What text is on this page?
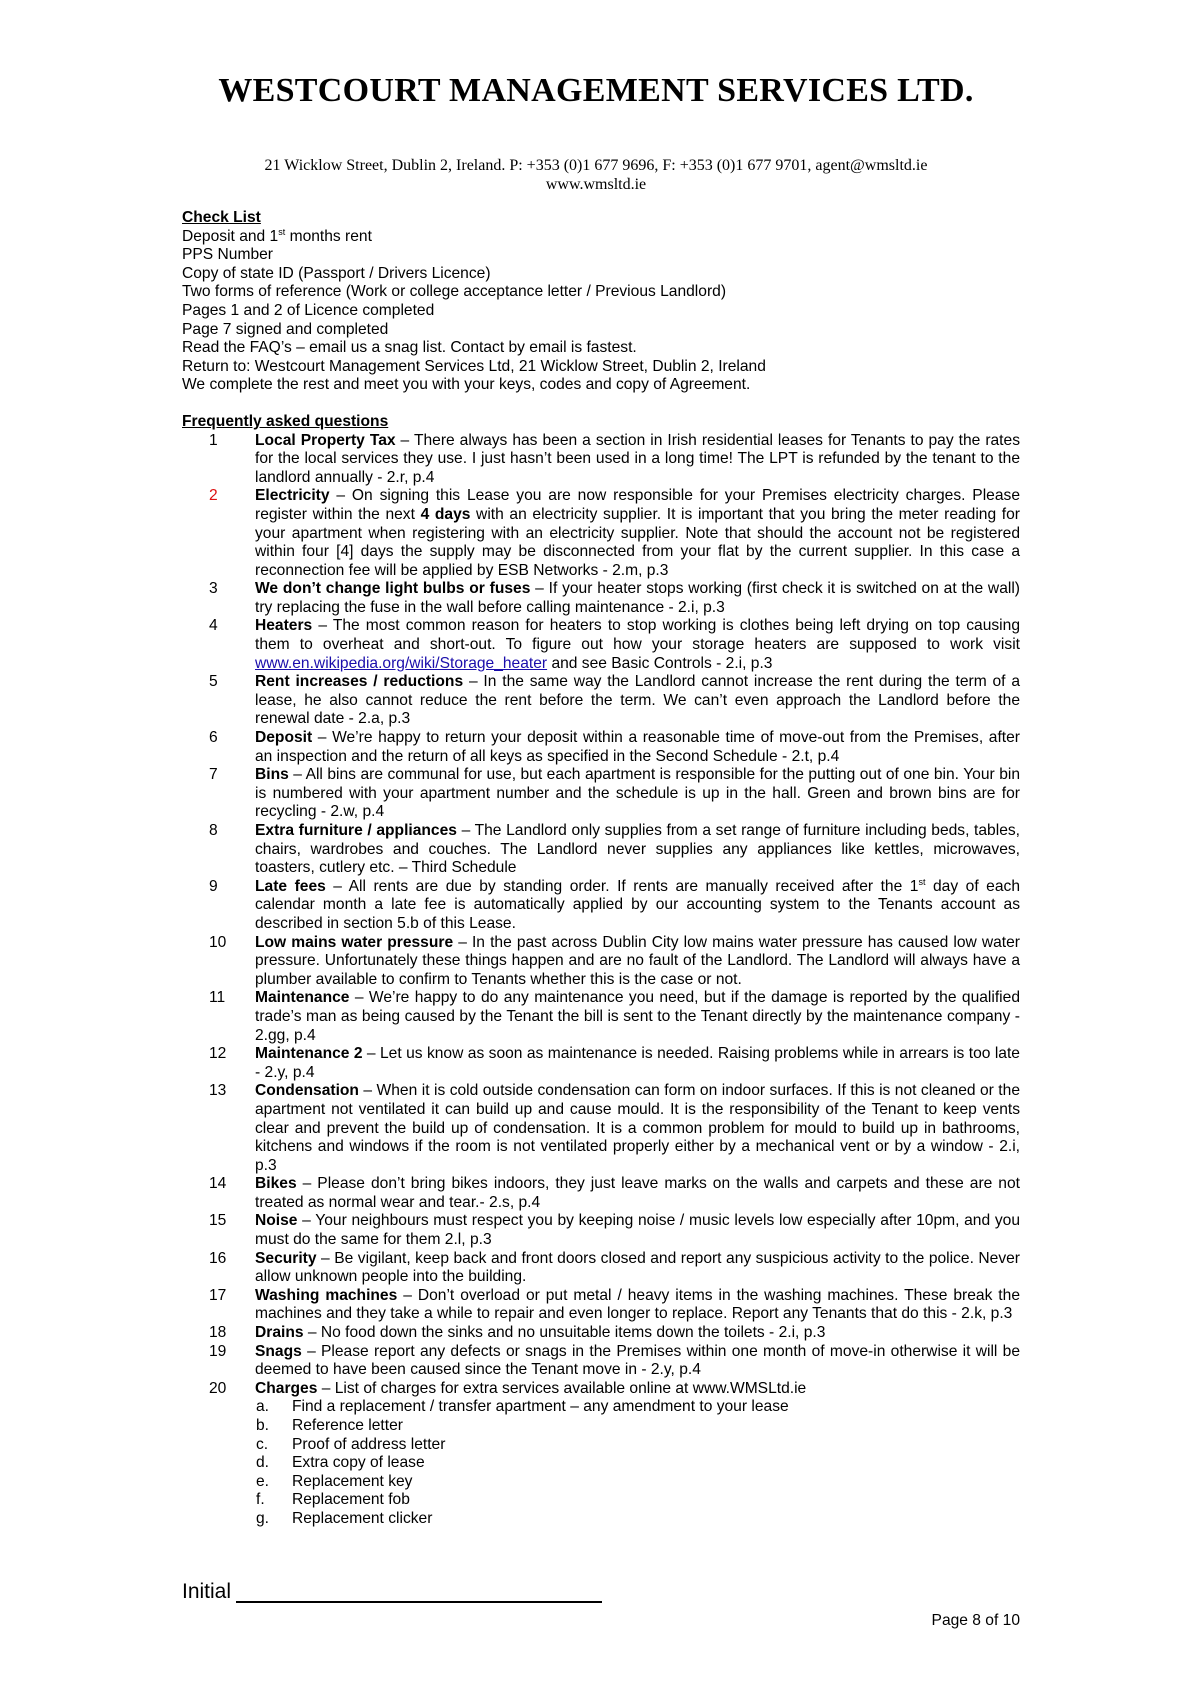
WESTCOURT MANAGEMENT SERVICES LTD.
21 Wicklow Street, Dublin 2, Ireland. P: +353 (0)1 677 9696, F: +353 (0)1 677 9701, agent@wmsltd.ie
www.wmsltd.ie
Check List
Deposit and 1st months rent
PPS Number
Copy of state ID (Passport / Drivers Licence)
Two forms of reference (Work or college acceptance letter / Previous Landlord)
Pages 1 and 2 of Licence completed
Page 7 signed and completed
Read the FAQ’s – email us a snag list. Contact by email is fastest.
Return to: Westcourt Management Services Ltd, 21 Wicklow Street, Dublin 2, Ireland
We complete the rest and meet you with your keys, codes and copy of Agreement.
Frequently asked questions
1	Local Property Tax – There always has been a section in Irish residential leases for Tenants to pay the rates for the local services they use. I just hasn’t been used in a long time! The LPT is refunded by the tenant to the landlord annually - 2.r, p.4
2	Electricity – On signing this Lease you are now responsible for your Premises electricity charges. Please register within the next 4 days with an electricity supplier. It is important that you bring the meter reading for your apartment when registering with an electricity supplier. Note that should the account not be registered within four [4] days the supply may be disconnected from your flat by the current supplier. In this case a reconnection fee will be applied by ESB Networks - 2.m, p.3
3	We don’t change light bulbs or fuses – If your heater stops working (first check it is switched on at the wall) try replacing the fuse in the wall before calling maintenance - 2.i, p.3
4	Heaters – The most common reason for heaters to stop working is clothes being left drying on top causing them to overheat and short-out. To figure out how your storage heaters are supposed to work visit www.en.wikipedia.org/wiki/Storage_heater and see Basic Controls - 2.i, p.3
5	Rent increases / reductions – In the same way the Landlord cannot increase the rent during the term of a lease, he also cannot reduce the rent before the term. We can’t even approach the Landlord before the renewal date - 2.a, p.3
6	Deposit – We’re happy to return your deposit within a reasonable time of move-out from the Premises, after an inspection and the return of all keys as specified in the Second Schedule - 2.t, p.4
7	Bins – All bins are communal for use, but each apartment is responsible for the putting out of one bin. Your bin is numbered with your apartment number and the schedule is up in the hall. Green and brown bins are for recycling - 2.w, p.4
8	Extra furniture / appliances – The Landlord only supplies from a set range of furniture including beds, tables, chairs, wardrobes and couches. The Landlord never supplies any appliances like kettles, microwaves, toasters, cutlery etc. – Third Schedule
9	Late fees – All rents are due by standing order. If rents are manually received after the 1st day of each calendar month a late fee is automatically applied by our accounting system to the Tenants account as described in section 5.b of this Lease.
10	Low mains water pressure – In the past across Dublin City low mains water pressure has caused low water pressure. Unfortunately these things happen and are no fault of the Landlord. The Landlord will always have a plumber available to confirm to Tenants whether this is the case or not.
11	Maintenance – We’re happy to do any maintenance you need, but if the damage is reported by the qualified trade’s man as being caused by the Tenant the bill is sent to the Tenant directly by the maintenance company - 2.gg, p.4
12	Maintenance 2 – Let us know as soon as maintenance is needed. Raising problems while in arrears is too late - 2.y, p.4
13	Condensation – When it is cold outside condensation can form on indoor surfaces. If this is not cleaned or the apartment not ventilated it can build up and cause mould. It is the responsibility of the Tenant to keep vents clear and prevent the build up of condensation. It is a common problem for mould to build up in bathrooms, kitchens and windows if the room is not ventilated properly either by a mechanical vent or by a window - 2.i, p.3
14	Bikes – Please don’t bring bikes indoors, they just leave marks on the walls and carpets and these are not treated as normal wear and tear.- 2.s, p.4
15	Noise – Your neighbours must respect you by keeping noise / music levels low especially after 10pm, and you must do the same for them 2.l, p.3
16	Security – Be vigilant, keep back and front doors closed and report any suspicious activity to the police. Never allow unknown people into the building.
17	Washing machines – Don’t overload or put metal / heavy items in the washing machines. These break the machines and they take a while to repair and even longer to replace. Report any Tenants that do this - 2.k, p.3
18	Drains – No food down the sinks and no unsuitable items down the toilets - 2.i, p.3
19	Snags – Please report any defects or snags in the Premises within one month of move-in otherwise it will be deemed to have been caused since the Tenant move in - 2.y, p.4
20	Charges – List of charges for extra services available online at www.WMSLtd.ie
a.	Find a replacement / transfer apartment – any amendment to your lease
b.	Reference letter
c.	Proof of address letter
d.	Extra copy of lease
e.	Replacement key
f.	Replacement fob
g.	Replacement clicker
Initial
Page 8 of 10
